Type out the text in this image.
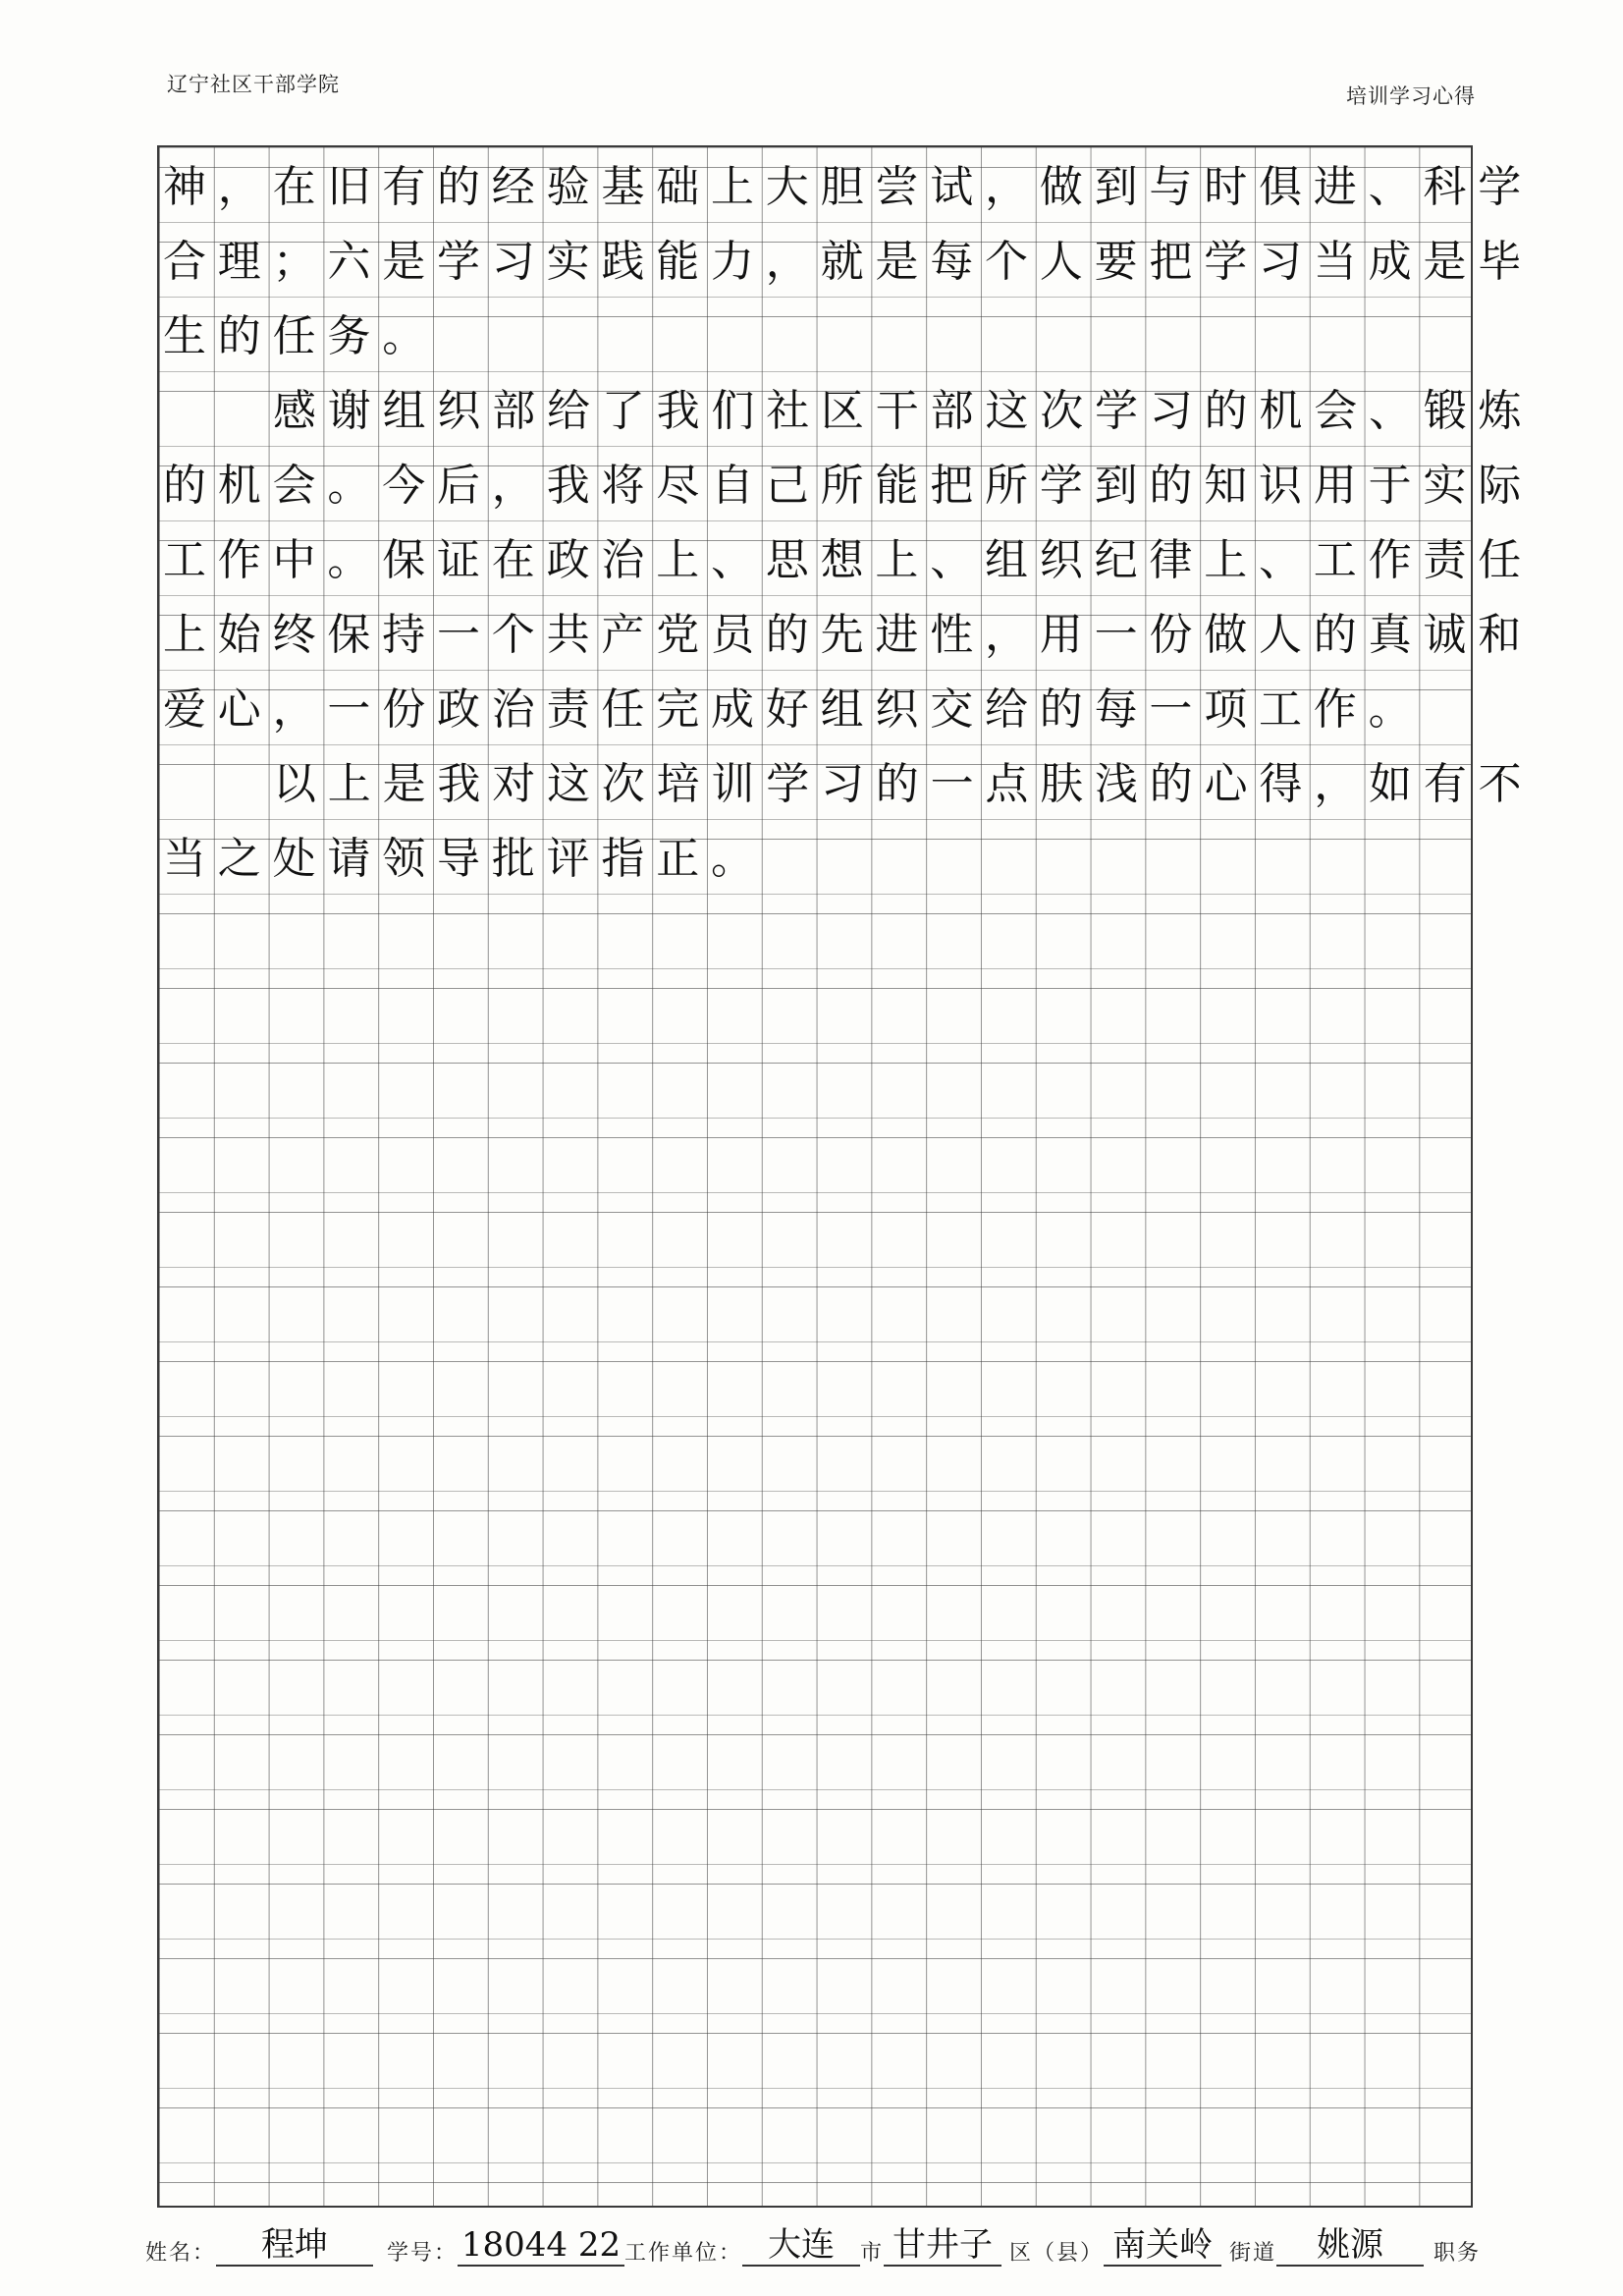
辽宁社区干部学院	培训学习心得
神，在旧有的经验基础上大胆尝试，做到与时俱进、科学
合理；六是学习实践能力，就是每个人要把学习当成是毕
生的任务。
感谢组织部给了我们社区干部这次学习的机会、锻炼
的机会。今后，我将尽自己所能把所学到的知识用于实际
工作中。保证在政治上、思想上、组织纪律上、工作责任
上始终保持一个共产党员的先进性，用一份做人的真诚和
爱心，一份政治责任完成好组织交给的每一项工作。
以上是我对这次培训学习的一点肤浅的心得，如有不
当之处请领导批评指正。
姓名：	程坤	学号： 18044 22 工作单位： 大连	市 甘井子 区（县） 南关岭 街道	姚源	职务
